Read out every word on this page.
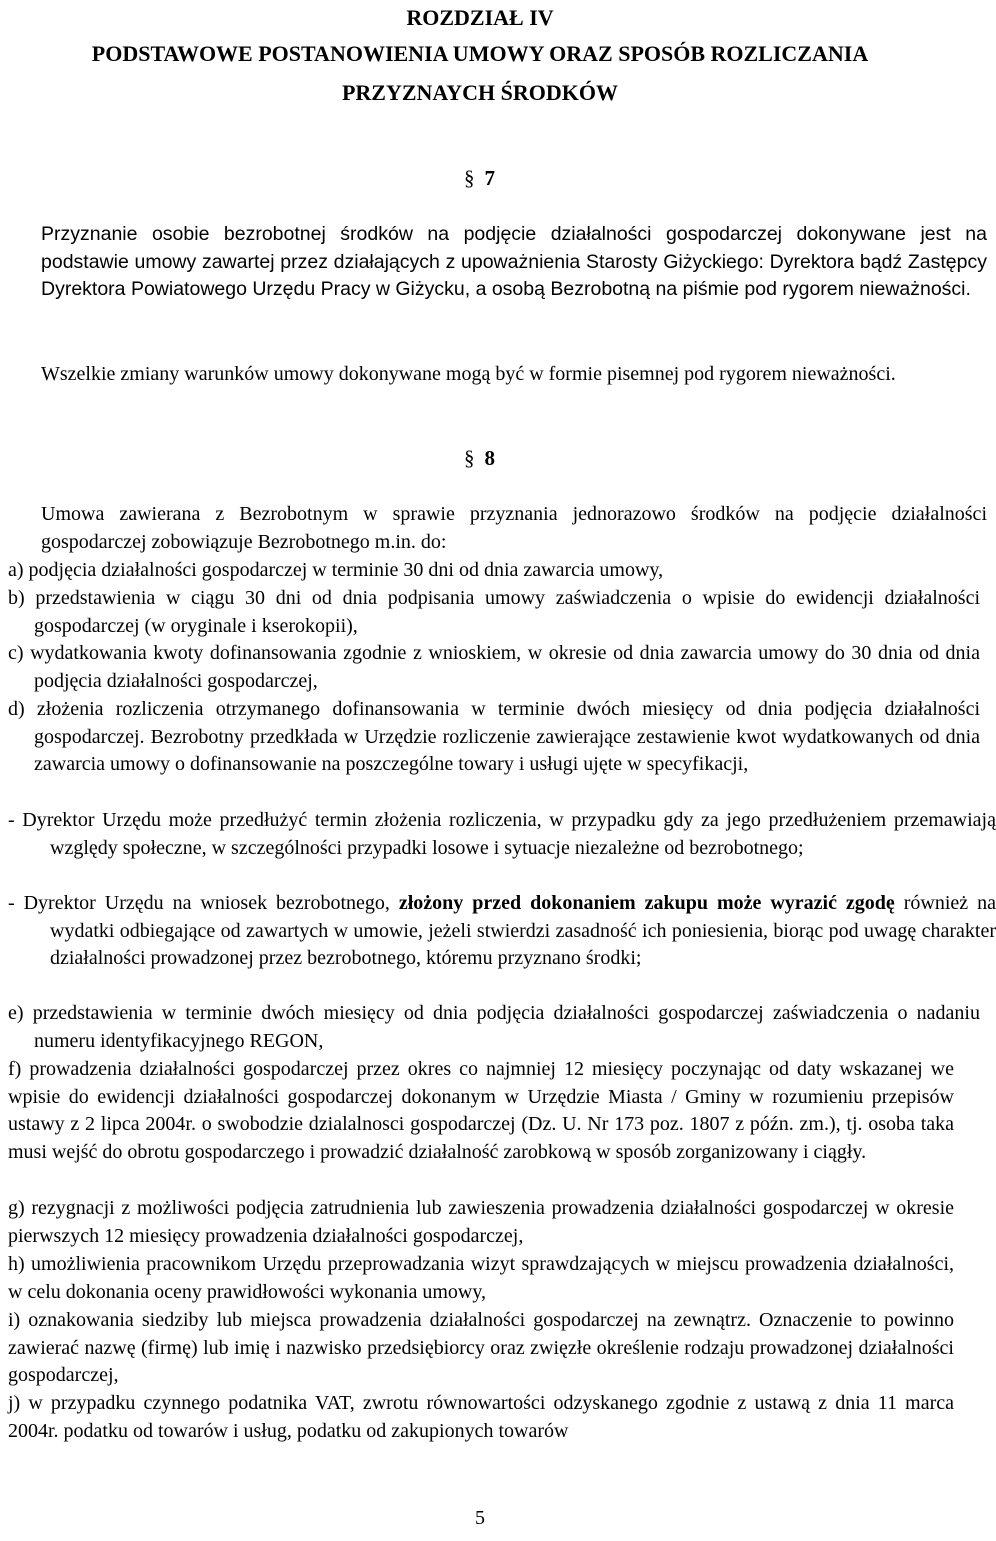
ROZDZIAŁ IV
PODSTAWOWE POSTANOWIENIA UMOWY ORAZ SPOSÓB ROZLICZANIA
PRZYZNAYCH ŚRODKÓW
§ 7
Przyznanie osobie bezrobotnej środków na podjęcie działalności gospodarczej dokonywane jest na podstawie umowy zawartej przez działających z upoważnienia Starosty Giżyckiego: Dyrektora bądź Zastępcy Dyrektora Powiatowego Urzędu Pracy w Giżycku, a osobą Bezrobotną na piśmie pod rygorem nieważności.
Wszelkie zmiany warunków umowy dokonywane mogą być w formie pisemnej pod rygorem nieważności.
§ 8
Umowa zawierana z Bezrobotnym w sprawie przyznania jednorazowo środków na podjęcie działalności gospodarczej zobowiązuje Bezrobotnego m.in. do:
a) podjęcia działalności gospodarczej w terminie 30 dni od dnia zawarcia umowy,
b) przedstawienia w ciągu 30 dni od dnia podpisania umowy zaświadczenia o wpisie do ewidencji działalności gospodarczej (w oryginale i kserokopii),
c) wydatkowania kwoty dofinansowania zgodnie z wnioskiem, w okresie od dnia zawarcia umowy do 30 dnia od dnia podjęcia działalności gospodarczej,
d) złożenia rozliczenia otrzymanego dofinansowania w terminie dwóch miesięcy od dnia podjęcia działalności gospodarczej. Bezrobotny przedkłada w Urzędzie rozliczenie zawierające zestawienie kwot wydatkowanych od dnia zawarcia umowy o dofinansowanie na poszczególne towary i usługi ujęte w specyfikacji,
- Dyrektor Urzędu może przedłużyć termin złożenia rozliczenia, w przypadku gdy za jego przedłużeniem przemawiają względy społeczne, w szczególności przypadki losowe i sytuacje niezależne od bezrobotnego;
- Dyrektor Urzędu na wniosek bezrobotnego, złożony przed dokonaniem zakupu może wyrazić zgodę również na wydatki odbiegające od zawartych w umowie, jeżeli stwierdzi zasadność ich poniesienia, biorąc pod uwagę charakter działalności prowadzonej przez bezrobotnego, któremu przyznano środki;
e) przedstawienia w terminie dwóch miesięcy od dnia podjęcia działalności gospodarczej zaświadczenia o nadaniu numeru identyfikacyjnego REGON,
f) prowadzenia działalności gospodarczej przez okres co najmniej 12 miesięcy poczynając od daty wskazanej we wpisie do ewidencji działalności gospodarczej dokonanym w Urzędzie Miasta / Gminy w rozumieniu przepisów ustawy z 2 lipca 2004r. o swobodzie dzialalnosci gospodarczej (Dz. U. Nr 173 poz. 1807 z późn. zm.), tj. osoba taka musi wejść do obrotu gospodarczego i prowadzić działalność zarobkową w sposób zorganizowany i ciągły.
g) rezygnacji z możliwości podjęcia zatrudnienia lub zawieszenia prowadzenia działalności gospodarczej w okresie pierwszych 12 miesięcy prowadzenia działalności gospodarczej,
h) umożliwienia pracownikom Urzędu przeprowadzania wizyt sprawdzających w miejscu prowadzenia działalności, w celu dokonania oceny prawidłowości wykonania umowy,
i) oznakowania siedziby lub miejsca prowadzenia działalności gospodarczej na zewnątrz. Oznaczenie to powinno zawierać nazwę (firmę) lub imię i nazwisko przedsiębiorcy oraz zwięzłe określenie rodzaju prowadzonej działalności gospodarczej,
j) w przypadku czynnego podatnika VAT, zwrotu równowartości odzyskanego zgodnie z ustawą z dnia 11 marca 2004r. podatku od towarów i usług, podatku od zakupionych towarów
5
